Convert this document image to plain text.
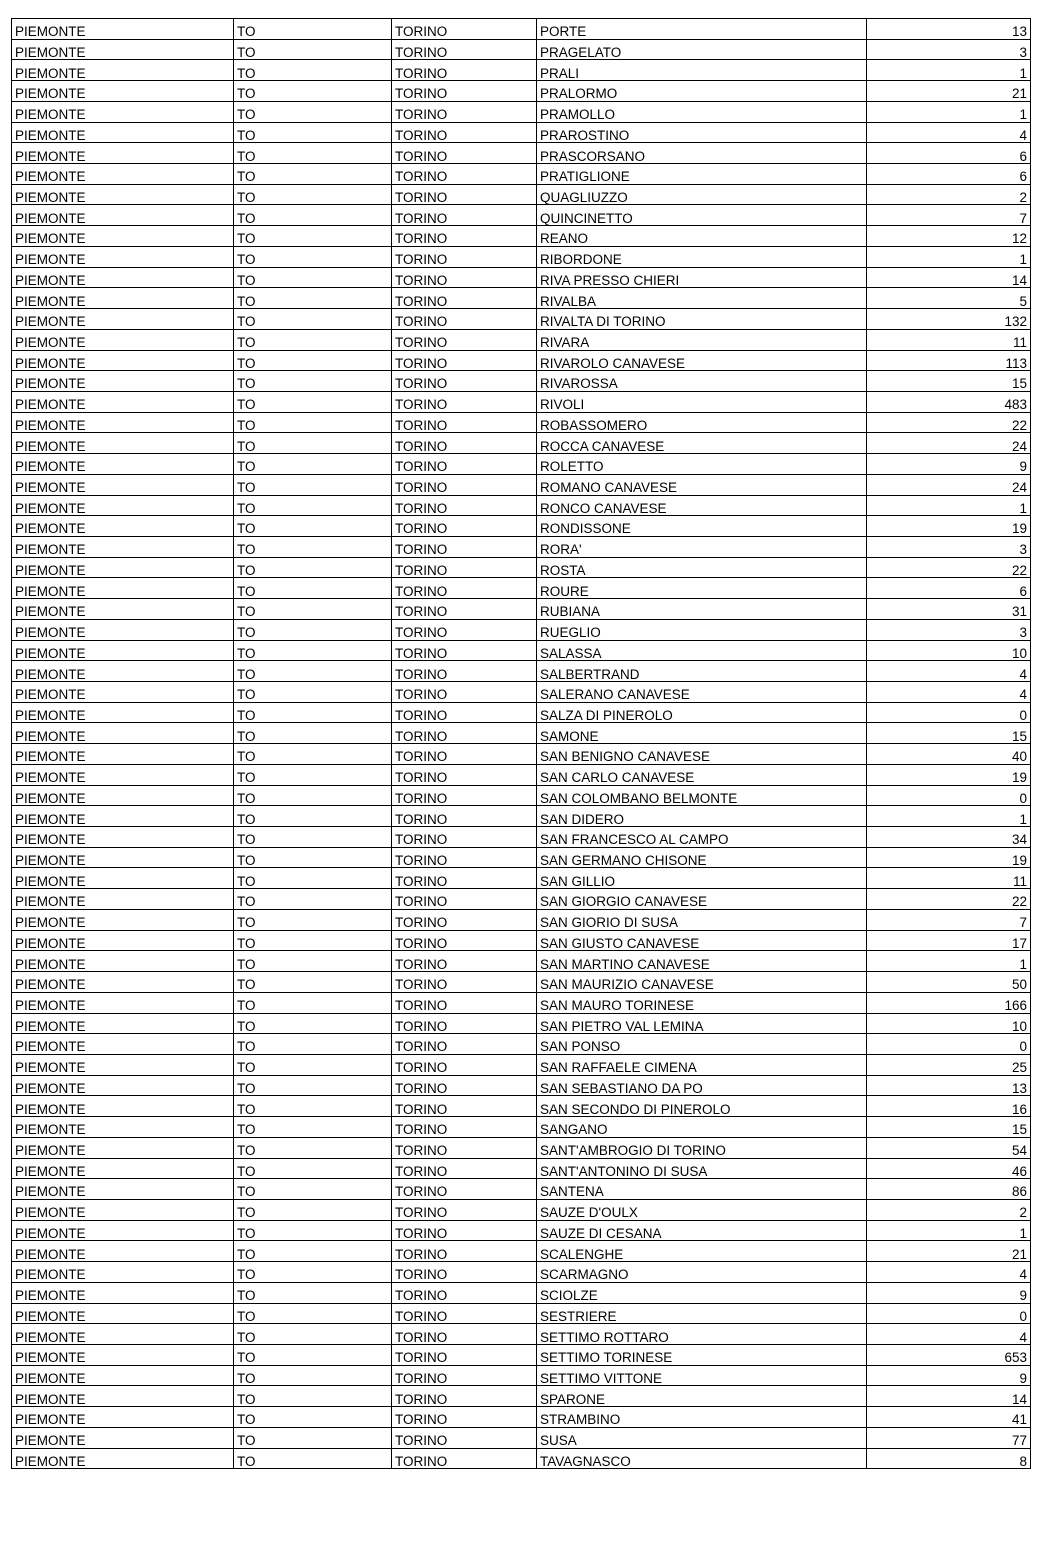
PIEMONTE	TO	TORINO	PORTE	13
PIEMONTE	TO	TORINO	PRAGELATO	3
PIEMONTE	TO	TORINO	PRALI	1
PIEMONTE	TO	TORINO	PRALORMO	21
PIEMONTE	TO	TORINO	PRAMOLLO	1
PIEMONTE	TO	TORINO	PRAROSTINO	4
PIEMONTE	TO	TORINO	PRASCORSANO	6
PIEMONTE	TO	TORINO	PRATIGLIONE	6
PIEMONTE	TO	TORINO	QUAGLIUZZO	2
PIEMONTE	TO	TORINO	QUINCINETTO	7
PIEMONTE	TO	TORINO	REANO	12
PIEMONTE	TO	TORINO	RIBORDONE	1
PIEMONTE	TO	TORINO	RIVA PRESSO CHIERI	14
PIEMONTE	TO	TORINO	RIVALBA	5
PIEMONTE	TO	TORINO	RIVALTA DI TORINO	132
PIEMONTE	TO	TORINO	RIVARA	11
PIEMONTE	TO	TORINO	RIVAROLO CANAVESE	113
PIEMONTE	TO	TORINO	RIVAROSSA	15
PIEMONTE	TO	TORINO	RIVOLI	483
PIEMONTE	TO	TORINO	ROBASSOMERO	22
PIEMONTE	TO	TORINO	ROCCA CANAVESE	24
PIEMONTE	TO	TORINO	ROLETTO	9
PIEMONTE	TO	TORINO	ROMANO CANAVESE	24
PIEMONTE	TO	TORINO	RONCO CANAVESE	1
PIEMONTE	TO	TORINO	RONDISSONE	19
PIEMONTE	TO	TORINO	RORA'	3
PIEMONTE	TO	TORINO	ROSTA	22
PIEMONTE	TO	TORINO	ROURE	6
PIEMONTE	TO	TORINO	RUBIANA	31
PIEMONTE	TO	TORINO	RUEGLIO	3
PIEMONTE	TO	TORINO	SALASSA	10
PIEMONTE	TO	TORINO	SALBERTRAND	4
PIEMONTE	TO	TORINO	SALERANO CANAVESE	4
PIEMONTE	TO	TORINO	SALZA DI PINEROLO	0
PIEMONTE	TO	TORINO	SAMONE	15
PIEMONTE	TO	TORINO	SAN BENIGNO CANAVESE	40
PIEMONTE	TO	TORINO	SAN CARLO CANAVESE	19
PIEMONTE	TO	TORINO	SAN COLOMBANO BELMONTE	0
PIEMONTE	TO	TORINO	SAN DIDERO	1
PIEMONTE	TO	TORINO	SAN FRANCESCO AL CAMPO	34
PIEMONTE	TO	TORINO	SAN GERMANO CHISONE	19
PIEMONTE	TO	TORINO	SAN GILLIO	11
PIEMONTE	TO	TORINO	SAN GIORGIO CANAVESE	22
PIEMONTE	TO	TORINO	SAN GIORIO DI SUSA	7
PIEMONTE	TO	TORINO	SAN GIUSTO CANAVESE	17
PIEMONTE	TO	TORINO	SAN MARTINO CANAVESE	1
PIEMONTE	TO	TORINO	SAN MAURIZIO CANAVESE	50
PIEMONTE	TO	TORINO	SAN MAURO TORINESE	166
PIEMONTE	TO	TORINO	SAN PIETRO VAL LEMINA	10
PIEMONTE	TO	TORINO	SAN PONSO	0
PIEMONTE	TO	TORINO	SAN RAFFAELE CIMENA	25
PIEMONTE	TO	TORINO	SAN SEBASTIANO DA PO	13
PIEMONTE	TO	TORINO	SAN SECONDO DI PINEROLO	16
PIEMONTE	TO	TORINO	SANGANO	15
PIEMONTE	TO	TORINO	SANT'AMBROGIO DI TORINO	54
PIEMONTE	TO	TORINO	SANT'ANTONINO DI SUSA	46
PIEMONTE	TO	TORINO	SANTENA	86
PIEMONTE	TO	TORINO	SAUZE D'OULX	2
PIEMONTE	TO	TORINO	SAUZE DI CESANA	1
PIEMONTE	TO	TORINO	SCALENGHE	21
PIEMONTE	TO	TORINO	SCARMAGNO	4
PIEMONTE	TO	TORINO	SCIOLZE	9
PIEMONTE	TO	TORINO	SESTRIERE	0
PIEMONTE	TO	TORINO	SETTIMO ROTTARO	4
PIEMONTE	TO	TORINO	SETTIMO TORINESE	653
PIEMONTE	TO	TORINO	SETTIMO VITTONE	9
PIEMONTE	TO	TORINO	SPARONE	14
PIEMONTE	TO	TORINO	STRAMBINO	41
PIEMONTE	TO	TORINO	SUSA	77
PIEMONTE	TO	TORINO	TAVAGNASCO	8
